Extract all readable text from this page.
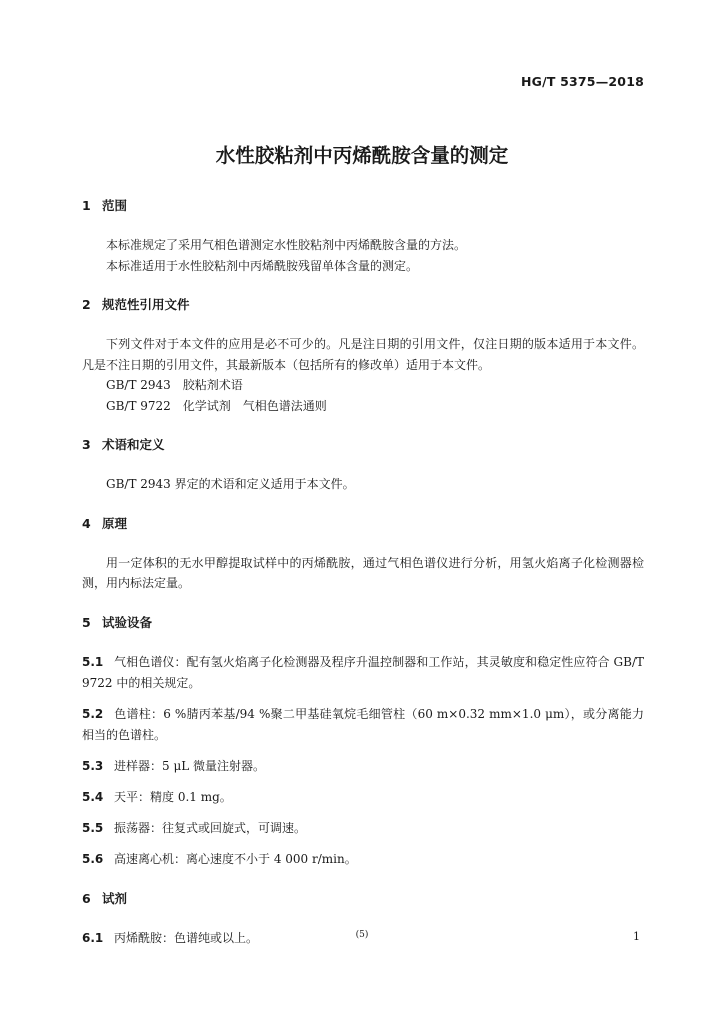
HG/T 5375—2018
水性胶粘剂中丙烯酰胺含量的测定
1 范围
本标准规定了采用气相色谱测定水性胶粘剂中丙烯酰胺含量的方法。
本标准适用于水性胶粘剂中丙烯酰胺残留单体含量的测定。
2 规范性引用文件
下列文件对于本文件的应用是必不可少的。凡是注日期的引用文件，仅注日期的版本适用于本文件。凡是不注日期的引用文件，其最新版本（包括所有的修改单）适用于本文件。
GB/T 2943　胶粘剂术语
GB/T 9722　化学试剂　气相色谱法通则
3 术语和定义
GB/T 2943 界定的术语和定义适用于本文件。
4 原理
用一定体积的无水甲醇提取试样中的丙烯酰胺，通过气相色谱仪进行分析，用氢火焰离子化检测器检测，用内标法定量。
5 试验设备
5.1 气相色谱仪：配有氢火焰离子化检测器及程序升温控制器和工作站，其灵敏度和稳定性应符合 GB/T 9722 中的相关规定。
5.2 色谱柱：6 %腈丙苯基/94 %聚二甲基硅氧烷毛细管柱（60 m×0.32 mm×1.0 μm），或分离能力相当的色谱柱。
5.3 进样器：5 μL 微量注射器。
5.4 天平：精度 0.1 mg。
5.5 振荡器：往复式或回旋式，可调速。
5.6 高速离心机：离心速度不小于 4 000 r/min。
6 试剂
6.1 丙烯酰胺：色谱纯或以上。	(5)	1
